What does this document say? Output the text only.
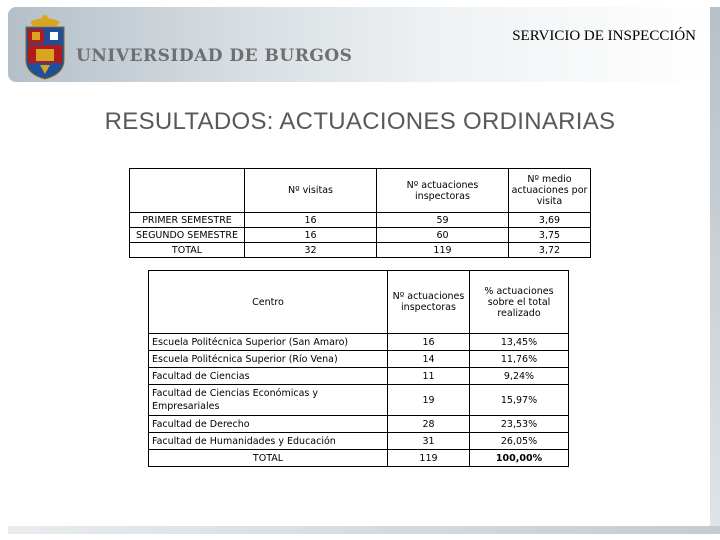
UNIVERSIDAD DE BURGOS
SERVICIO DE INSPECCIÓN
RESULTADOS: ACTUACIONES ORDINARIAS
	Nº visitas	Nº actuaciones inspectoras	Nº medio actuaciones por visita
PRIMER SEMESTRE	16	59	3,69
SEGUNDO SEMESTRE	16	60	3,75
TOTAL	32	119	3,72
Centro	Nº actuaciones inspectoras	% actuaciones sobre el total realizado
Escuela Politécnica Superior (San Amaro)	16	13,45%
Escuela Politécnica Superior (Río Vena)	14	11,76%
Facultad de Ciencias	11	9,24%
Facultad de Ciencias Económicas y Empresariales	19	15,97%
Facultad de Derecho	28	23,53%
Facultad de Humanidades y Educación	31	26,05%
TOTAL	119	100,00%
